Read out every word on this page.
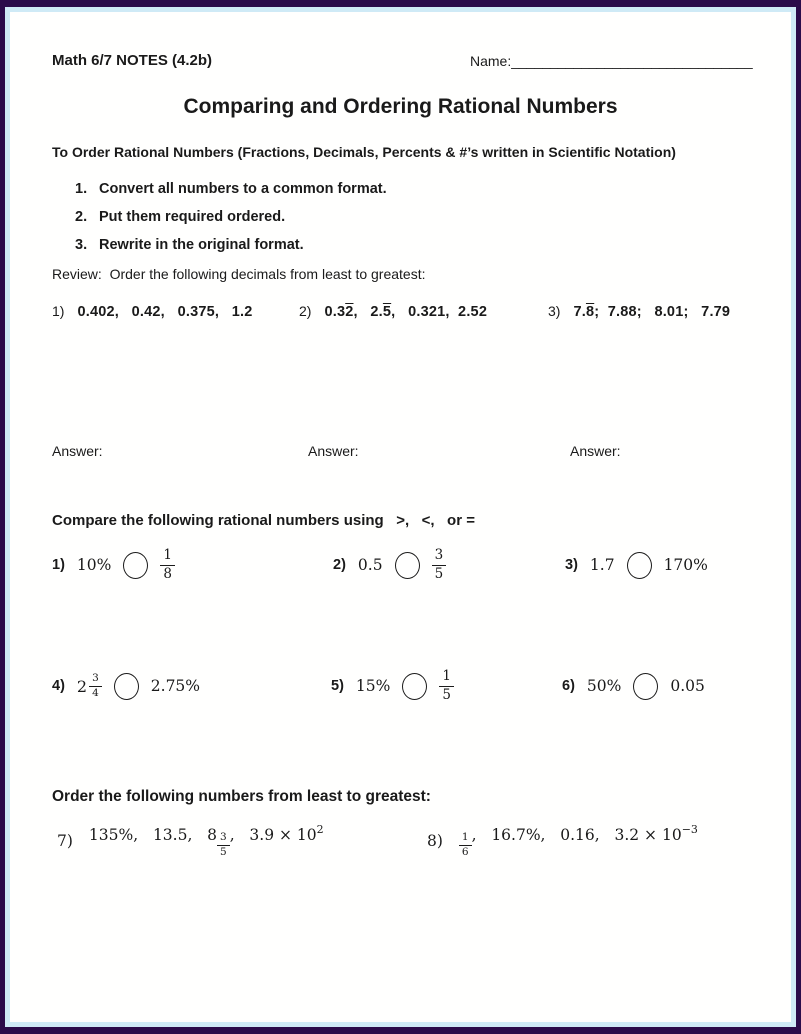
Math 6/7 NOTES (4.2b)	Name:_______________________________
Comparing and Ordering Rational Numbers
To Order Rational Numbers (Fractions, Decimals, Percents & #’s written in Scientific Notation)
1. Convert all numbers to a common format.
2. Put them required ordered.
3. Rewrite in the original format.
Review:  Order the following decimals from least to greatest:
1) 0.402,   0.42,   0.375,   1.2	2) 0.32,   2.5,   0.321,  2.52	3) 7.8;  7.88;   8.01;   7.79
Answer:	Answer:	Answer:
Compare the following rational numbers using   >,   <,   or =
1) 10%	$\frac{1}{8}$	2) 0.5	$\frac{3}{5}$	3) 1.7	170%
4) $2 \frac{3}{4}$	2.75%	5) 15%	$\frac{1}{5}$	6) 50%	0.05
Order the following numbers from least to greatest:
7) 135%,   13.5,   $8 \frac{3}{5}$ ,   $3.9 \times 10^2$
$8) \frac{1}{6}$ ,   16.7%,   0.16,   $3.2 \times 10^{-3}$
